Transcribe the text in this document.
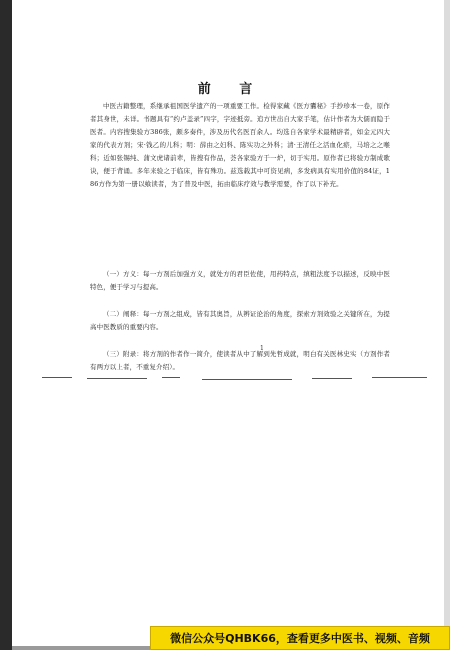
前 言
中医古籍整理，系继承祖国医学遗产的一项重要工作。检得家藏《医方囊秘》手抄珍本一卷，原作者其身世，未详。书题具有“约卢盖录”四字，字迹抵旁。追方世出自大家手笔，估计作者为大儒而隐于医者。内容搜集验方386张，颇多奏件，涉及历代名医百余人。均选自各家学术最精辟者，如金元四大家的代表方剂；宋·钱乙的儿科；明：薛由之妇科、陈实功之外科；清·王清任之活血化瘀，马培之之喉科；近如张锡纯、蒲文虎诸前辈，皆搜有作品，荟各家验方于一炉，切于实用。原作者已将验方制成歌诀，便于背诵。多年来验之于临床，皆有殊功。兹选载其中可资见病，多发病具有实用价值的84证，186方作为第一册以飨读者，为了普及中医，拓由临床疗效与教学需要，作了以下补充。
（一）方义：每一方剂后加强方义，就处方的君臣佐使，用药特点，缜粗法度予以描述，反映中医特色，便于学习与提高。
（二）阐释：每一方剂之组成，皆有其奥旨，从辨证论治的角度，探索方剂效验之关键所在，为提高中医教质的重要内容。
（三）附录：将方剂的作者作一简介，使读者从中了解到先哲成就，明白有关医林史实（方剂作者有两方以上者，不重复介绍）。
1
微信公众号QHBK66，查看更多中医书、视频、音频
